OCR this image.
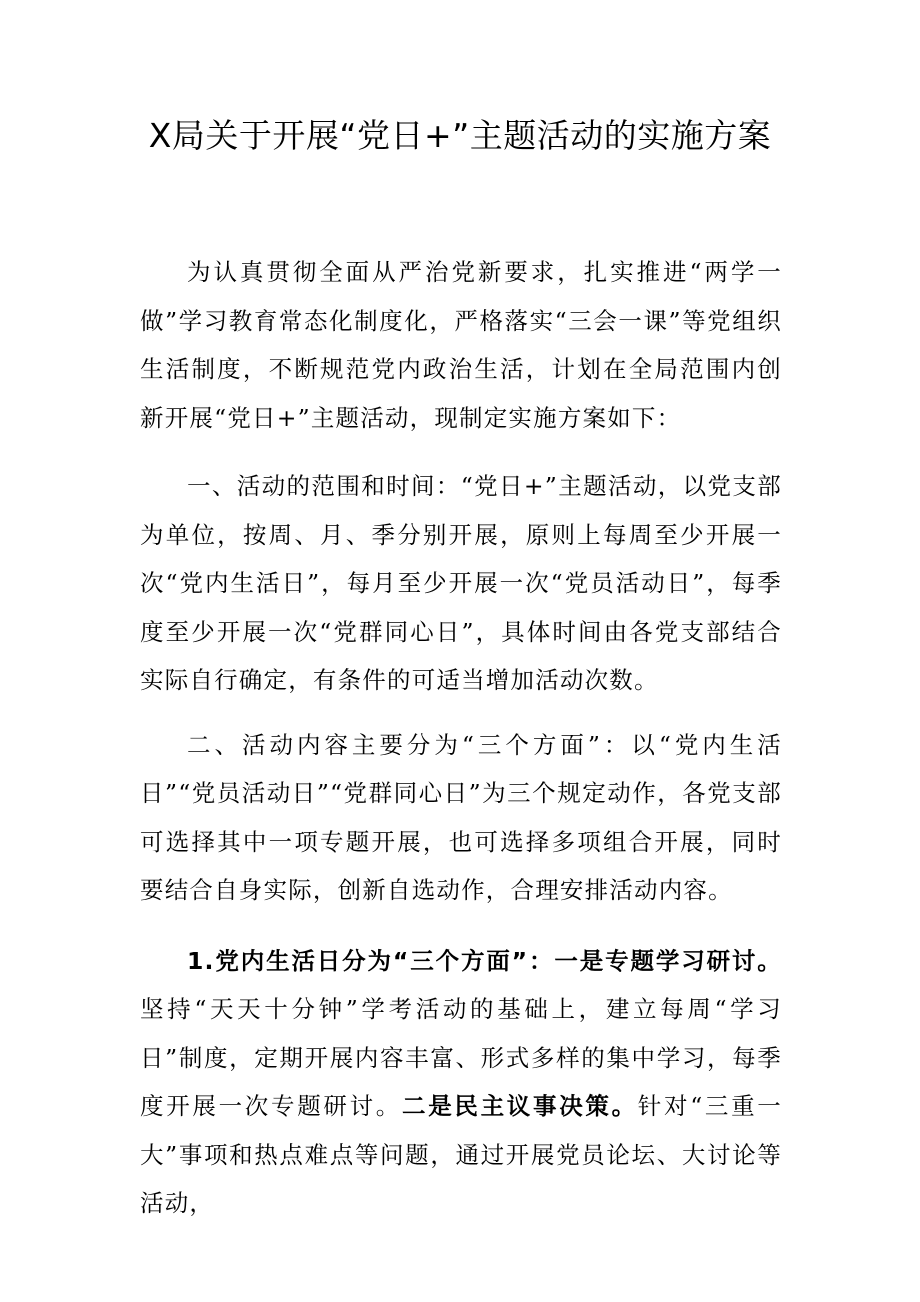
X局关于开展“党日+”主题活动的实施方案

为认真贯彻全面从严治党新要求，扎实推进“两学一做”学习教育常态化制度化，严格落实“三会一课”等党组织生活制度，不断规范党内政治生活，计划在全局范围内创新开展“党日+”主题活动，现制定实施方案如下：

一、活动的范围和时间：“党日+”主题活动，以党支部为单位，按周、月、季分别开展，原则上每周至少开展一次“党内生活日”，每月至少开展一次“党员活动日”，每季度至少开展一次“党群同心日”，具体时间由各党支部结合实际自行确定，有条件的可适当增加活动次数。

二、活动内容主要分为“三个方面”：以“党内生活日”“党员活动日”“党群同心日”为三个规定动作，各党支部可选择其中一项专题开展，也可选择多项组合开展，同时要结合自身实际，创新自选动作，合理安排活动内容。

1.党内生活日分为“三个方面”：一是专题学习研讨。坚持“天天十分钟”学考活动的基础上，建立每周“学习日”制度，定期开展内容丰富、形式多样的集中学习，每季度开展一次专题研讨。二是民主议事决策。针对“三重一大”事项和热点难点等问题，通过开展党员论坛、大讨论等活动，
